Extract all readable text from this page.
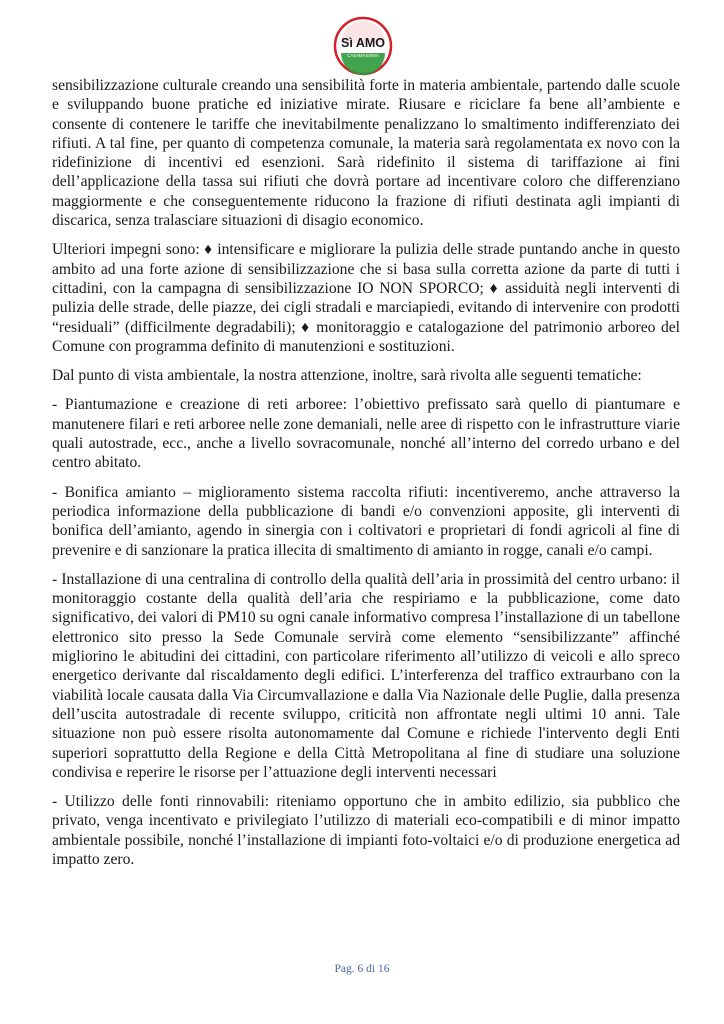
Sì AMO
CASAMASSIMA

sensibilizzazione culturale creando una sensibilità forte in materia ambientale, partendo dalle scuole e sviluppando buone pratiche ed iniziative mirate. Riusare e riciclare fa bene all’ambiente e consente di contenere le tariffe che inevitabilmente penalizzano lo smaltimento indifferenziato dei rifiuti. A tal fine, per quanto di competenza comunale, la materia sarà regolamentata ex novo con la ridefinizione di incentivi ed esenzioni. Sarà ridefinito il sistema di tariffazione ai fini dell’applicazione della tassa sui rifiuti che dovrà portare ad incentivare coloro che differenziano maggiormente e che conseguentemente riducono la frazione di rifiuti destinata agli impianti di discarica, senza tralasciare situazioni di disagio economico.

Ulteriori impegni sono: ♦ intensificare e migliorare la pulizia delle strade puntando anche in questo ambito ad una forte azione di sensibilizzazione che si basa sulla corretta azione da parte di tutti i cittadini, con la campagna di sensibilizzazione IO NON SPORCO; ♦ assiduità negli interventi di pulizia delle strade, delle piazze, dei cigli stradali e marciapiedi, evitando di intervenire con prodotti “residuali” (difficilmente degradabili); ♦ monitoraggio e catalogazione del patrimonio arboreo del Comune con programma definito di manutenzioni e sostituzioni.

Dal punto di vista ambientale, la nostra attenzione, inoltre, sarà rivolta alle seguenti tematiche:

- Piantumazione e creazione di reti arboree: l’obiettivo prefissato sarà quello di piantumare e manutenere filari e reti arboree nelle zone demaniali, nelle aree di rispetto con le infrastrutture viarie quali autostrade, ecc., anche a livello sovracomunale, nonché all’interno del corredo urbano e del centro abitato.

- Bonifica amianto – miglioramento sistema raccolta rifiuti: incentiveremo, anche attraverso la periodica informazione della pubblicazione di bandi e/o convenzioni apposite, gli interventi di bonifica dell’amianto, agendo in sinergia con i coltivatori e proprietari di fondi agricoli al fine di prevenire e di sanzionare la pratica illecita di smaltimento di amianto in rogge, canali e/o campi.

- Installazione di una centralina di controllo della qualità dell’aria in prossimità del centro urbano: il monitoraggio costante della qualità dell’aria che respiriamo e la pubblicazione, come dato significativo, dei valori di PM10 su ogni canale informativo compresa l’installazione di un tabellone elettronico sito presso la Sede Comunale servirà come elemento “sensibilizzante” affinché migliorino le abitudini dei cittadini, con particolare riferimento all’utilizzo di veicoli e allo spreco energetico derivante dal riscaldamento degli edifici. L’interferenza del traffico extraurbano con la viabilità locale causata dalla Via Circumvallazione e dalla Via Nazionale delle Puglie, dalla presenza dell’uscita autostradale di recente sviluppo, criticità non affrontate negli ultimi 10 anni. Tale situazione non può essere risolta autonomamente dal Comune e richiede l'intervento degli Enti superiori soprattutto della Regione e della Città Metropolitana al fine di studiare una soluzione condivisa e reperire le risorse per l’attuazione degli interventi necessari

- Utilizzo delle fonti rinnovabili: riteniamo opportuno che in ambito edilizio, sia pubblico che privato, venga incentivato e privilegiato l’utilizzo di materiali eco-compatibili e di minor impatto ambientale possibile, nonché l’installazione di impianti foto-voltaici e/o di produzione energetica ad impatto zero.

Pag. 6 di 16
